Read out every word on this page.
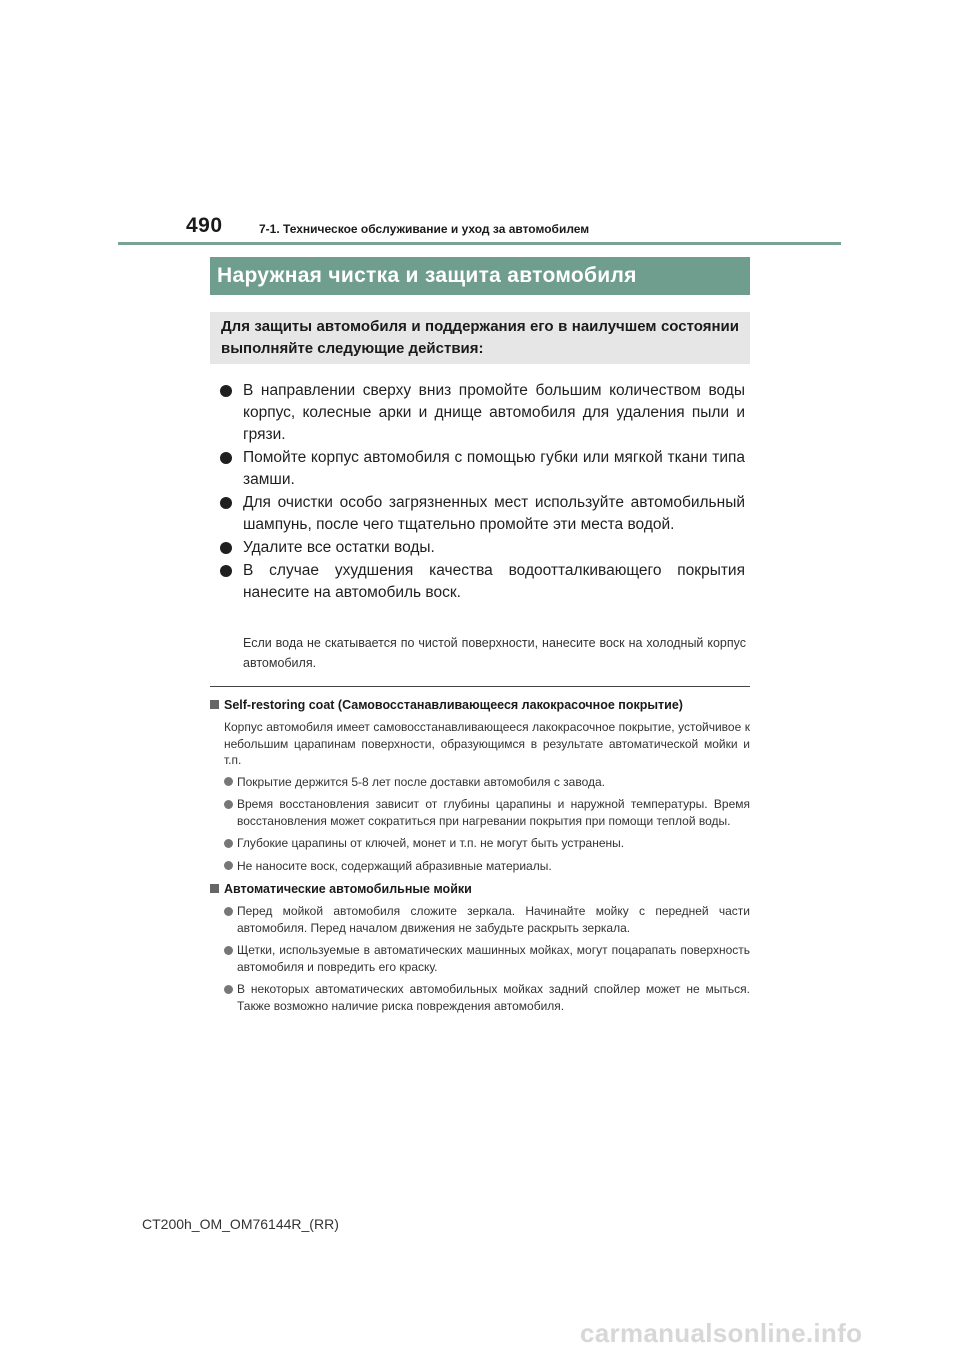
490	7-1. Техническое обслуживание и уход за автомобилем
Наружная чистка и защита автомобиля
Для защиты автомобиля и поддержания его в наилучшем состоянии выполняйте следующие действия:
В направлении сверху вниз промойте большим количеством воды корпус, колесные арки и днище автомобиля для удаления пыли и грязи.
Помойте корпус автомобиля с помощью губки или мягкой ткани типа замши.
Для очистки особо загрязненных мест используйте автомобильный шампунь, после чего тщательно промойте эти места водой.
Удалите все остатки воды.
В случае ухудшения качества водоотталкивающего покрытия нанесите на автомобиль воск.
Если вода не скатывается по чистой поверхности, нанесите воск на холодный корпус автомобиля.
Self-restoring coat (Самовосстанавливающееся лакокрасочное покрытие)

Корпус автомобиля имеет самовосстанавливающееся лакокрасочное покрытие, устойчивое к небольшим царапинам поверхности, образующимся в результате автоматической мойки и т.п.

Покрытие держится 5-8 лет после доставки автомобиля с завода.
Время восстановления зависит от глубины царапины и наружной температуры. Время восстановления может сократиться при нагревании покрытия при помощи теплой воды.
Глубокие царапины от ключей, монет и т.п. не могут быть устранены.
Не наносите воск, содержащий абразивные материалы.
Автоматические автомобильные мойки
Перед мойкой автомобиля сложите зеркала. Начинайте мойку с передней части автомобиля. Перед началом движения не забудьте раскрыть зеркала.
Щетки, используемые в автоматических машинных мойках, могут поцарапать поверхность автомобиля и повредить его краску.
В некоторых автоматических автомобильных мойках задний спойлер может не мыться. Также возможно наличие риска повреждения автомобиля.
CT200h_OM_OM76144R_(RR)
carmanualsonline.info
